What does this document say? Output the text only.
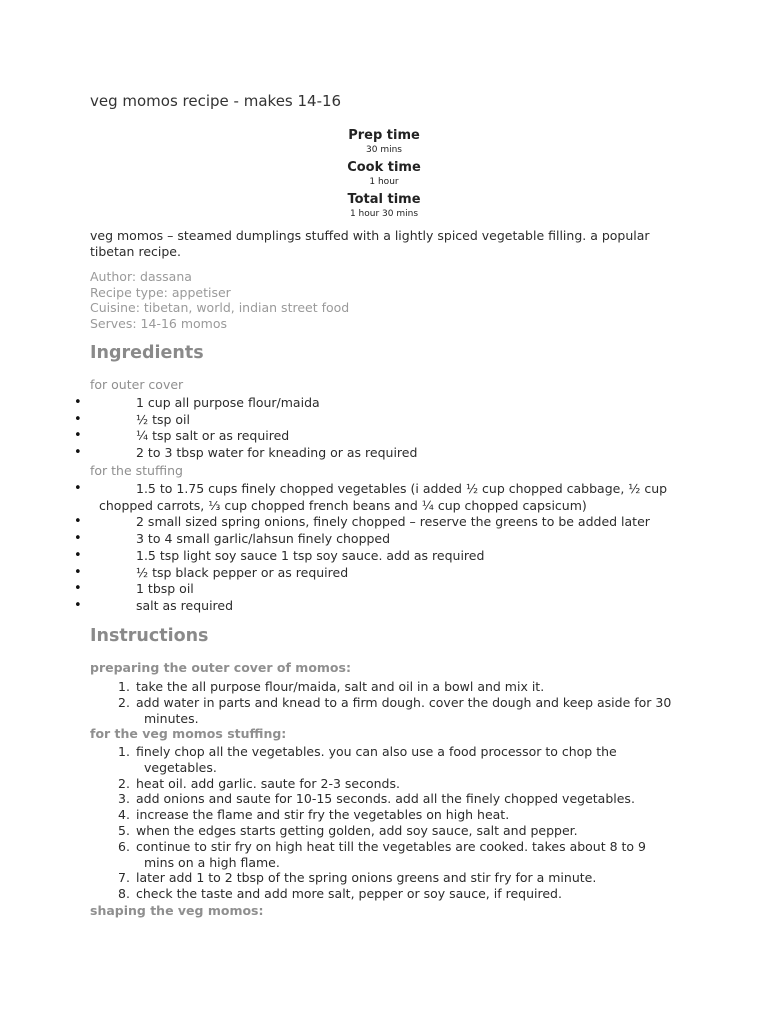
veg momos recipe - makes 14-16
Prep time
30 mins
Cook time
1 hour
Total time
1 hour 30 mins
veg momos – steamed dumplings stuffed with a lightly spiced vegetable filling. a popular tibetan recipe.
Author: dassana
Recipe type: appetiser
Cuisine: tibetan, world, indian street food
Serves: 14-16 momos
Ingredients
for outer cover
• 1 cup all purpose flour/maida
• ½ tsp oil
• ¼ tsp salt or as required
• 2 to 3 tbsp water for kneading or as required
for the stuffing
• 1.5 to 1.75 cups finely chopped vegetables (i added ½ cup chopped cabbage, ½ cup
chopped carrots, ⅓ cup chopped french beans and ¼ cup chopped capsicum)
• 2 small sized spring onions, finely chopped – reserve the greens to be added later
• 3 to 4 small garlic/lahsun finely chopped
• 1.5 tsp light soy sauce 1 tsp soy sauce. add as required
• ½ tsp black pepper or as required
• 1 tbsp oil
• salt as required
Instructions
preparing the outer cover of momos:
1. take the all purpose flour/maida, salt and oil in a bowl and mix it.
2. add water in parts and knead to a firm dough. cover the dough and keep aside for 30
minutes.
for the veg momos stuffing:
1. finely chop all the vegetables. you can also use a food processor to chop the
vegetables.
2. heat oil. add garlic. saute for 2-3 seconds.
3. add onions and saute for 10-15 seconds. add all the finely chopped vegetables.
4. increase the flame and stir fry the vegetables on high heat.
5. when the edges starts getting golden, add soy sauce, salt and pepper.
6. continue to stir fry on high heat till the vegetables are cooked. takes about 8 to 9
mins on a high flame.
7. later add 1 to 2 tbsp of the spring onions greens and stir fry for a minute.
8. check the taste and add more salt, pepper or soy sauce, if required.
shaping the veg momos:
